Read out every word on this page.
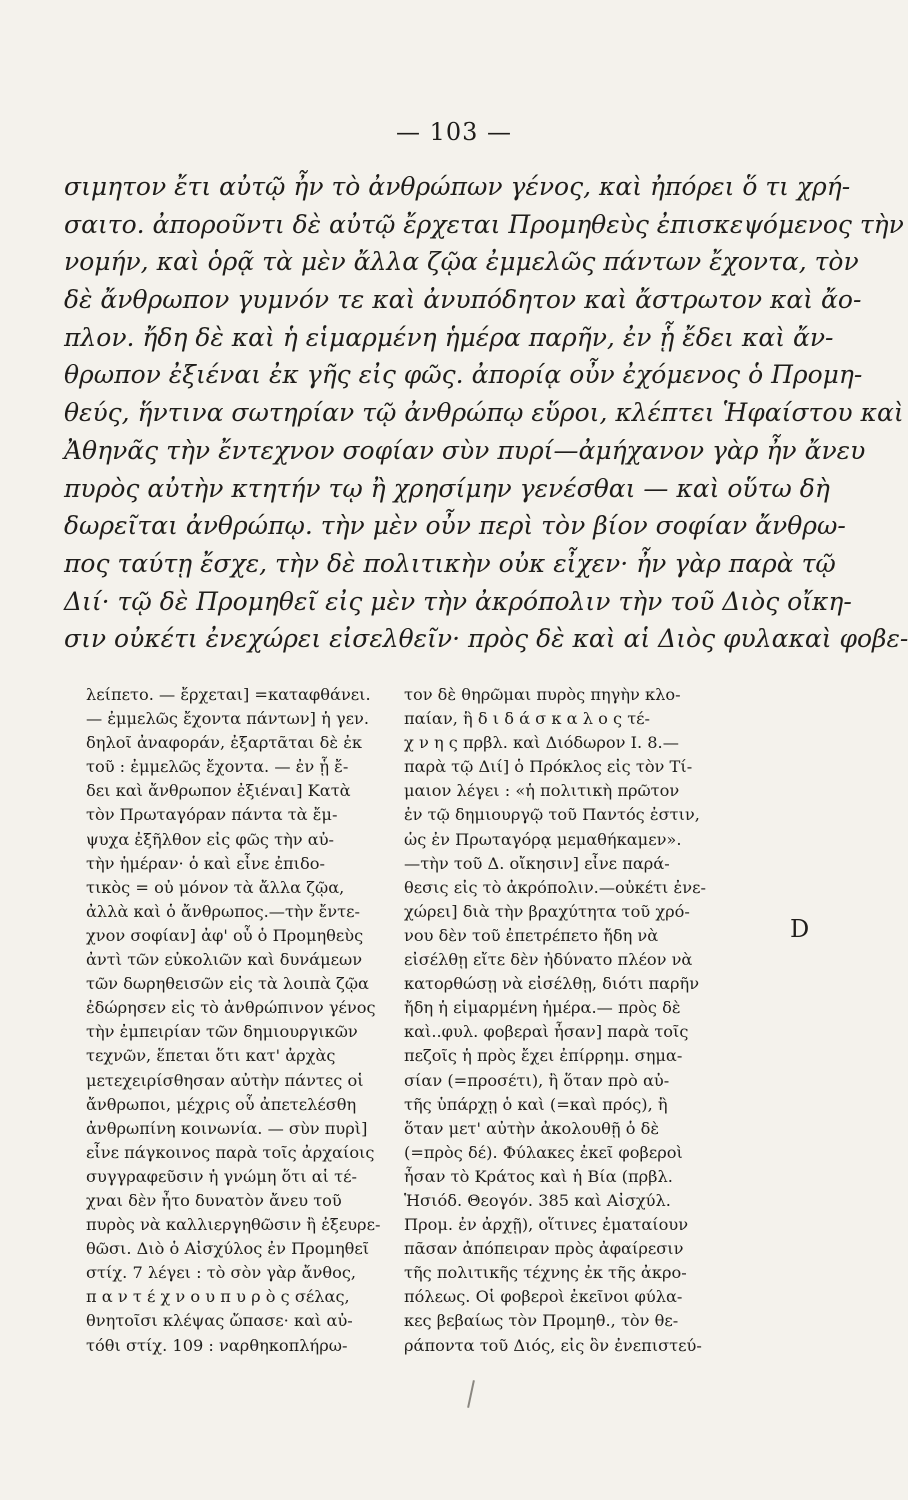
— 103 —
σιμητον ἔτι αὐτῷ ἦν τὸ ἀνθρώπων γένος, καὶ ἠπόρει ὅ τι χρή-
σαιτο. ἀποροῦντι δὲ αὐτῷ ἔρχεται Προμηθεὺς ἐπισκεψόμενος τὴν
νομήν, καὶ ὁρᾷ τὰ μὲν ἄλλα ζῷα ἐμμελῶς πάντων ἔχοντα, τὸν
δὲ ἄνθρωπον γυμνόν τε καὶ ἀνυπόδητον καὶ ἄστρωτον καὶ ἄο-
πλον. ἤδη δὲ καὶ ἡ εἱμαρμένη ἡμέρα παρῆν, ἐν ᾗ ἔδει καὶ ἄν-
θρωπον ἐξιέναι ἐκ γῆς εἰς φῶς. ἀπορίᾳ οὖν ἐχόμενος ὁ Προμη-
θεύς, ἥντινα σωτηρίαν τῷ ἀνθρώπῳ εὕροι, κλέπτει Ἡφαίστου καὶ
Ἀθηνᾶς τὴν ἔντεχνον σοφίαν σὺν πυρί—ἀμήχανον γὰρ ἦν ἄνευ
πυρὸς αὐτὴν κτητήν τῳ ἢ χρησίμην γενέσθαι — καὶ οὕτω δὴ
δωρεῖται ἀνθρώπῳ. τὴν μὲν οὖν περὶ τὸν βίον σοφίαν ἄνθρω-
πος ταύτῃ ἔσχε, τὴν δὲ πολιτικὴν οὐκ εἶχεν· ἦν γὰρ παρὰ τῷ
Διί· τῷ δὲ Προμηθεῖ εἰς μὲν τὴν ἀκρόπολιν τὴν τοῦ Διὸς οἴκη-
σιν οὐκέτι ἐνεχώρει εἰσελθεῖν· πρὸς δὲ καὶ αἱ Διὸς φυλακαὶ φοβε-
D
λείπετο. — ἔρχεται] =καταφθάνει.
— ἐμμελῶς ἔχοντα πάντων] ἡ γεν.
δηλοῖ ἀναφοράν, ἐξαρτᾶται δὲ ἐκ
τοῦ : ἐμμελῶς ἔχοντα. — ἐν ᾗ ἔ-
δει καὶ ἄνθρωπον ἐξιέναι] Κατὰ
τὸν Πρωταγόραν πάντα τὰ ἔμ-
ψυχα ἐξῆλθον εἰς φῶς τὴν αὐ-
τὴν ἡμέραν· ὁ καὶ εἶνε ἐπιδο-
τικὸς = οὐ μόνον τὰ ἄλλα ζῷα,
ἀλλὰ καὶ ὁ ἄνθρωπος.—τὴν ἔντε-
χνον σοφίαν] ἀφ' οὗ ὁ Προμηθεὺς
ἀντὶ τῶν εὐκολιῶν καὶ δυνάμεων
τῶν δωρηθεισῶν εἰς τὰ λοιπὰ ζῷα
ἐδώρησεν εἰς τὸ ἀνθρώπινον γένος
τὴν ἐμπειρίαν τῶν δημιουργικῶν
τεχνῶν, ἕπεται ὅτι κατ' ἀρχὰς
μετεχειρίσθησαν αὐτὴν πάντες οἱ
ἄνθρωποι, μέχρις οὗ ἀπετελέσθη
ἀνθρωπίνη κοινωνία. — σὺν πυρὶ]
εἶνε πάγκοινος παρὰ τοῖς ἀρχαίοις
συγγραφεῦσιν ἡ γνώμη ὅτι αἱ τέ-
χναι δὲν ἦτο δυνατὸν ἄνευ τοῦ
πυρὸς νὰ καλλιεργηθῶσιν ἢ ἐξευρε-
θῶσι. Διὸ ὁ Αἰσχύλος ἐν Προμηθεῖ
στίχ. 7 λέγει : τὸ σὸν γὰρ ἄνθος,
π α ν τ έ χ ν ο υ π υ ρ ὸ ς σέλας,
θνητοῖσι κλέψας ὤπασε· καὶ αὐ-
τόθι στίχ. 109 : ναρθηκοπλήρω-
τον δὲ θηρῶμαι πυρὸς πηγὴν κλο-
παίαν, ἣ δ ι δ ά σ κ α λ ο ς τέ-
χ ν η ς πρβλ. καὶ Διόδωρον Ι. 8.—
παρὰ τῷ Διί] ὁ Πρόκλος εἰς τὸν Τί-
μαιον λέγει : «ἡ πολιτικὴ πρῶτον
ἐν τῷ δημιουργῷ τοῦ Παντός ἐστιν,
ὡς ἐν Πρωταγόρᾳ μεμαθήκαμεν».
—τὴν τοῦ Δ. οἴκησιν] εἶνε παρά-
θεσις εἰς τὸ ἀκρόπολιν.—οὐκέτι ἐνε-
χώρει] διὰ τὴν βραχύτητα τοῦ χρό-
νου δὲν τοῦ ἐπετρέπετο ἤδη νὰ
εἰσέλθῃ εἴτε δὲν ἠδύνατο πλέον νὰ
κατορθώσῃ νὰ εἰσέλθῃ, διότι παρῆν
ἤδη ἡ εἱμαρμένη ἡμέρα.— πρὸς δὲ
καὶ..φυλ. φοβεραὶ ἦσαν] παρὰ τοῖς
πεζοῖς ἡ πρὸς ἔχει ἐπίρρημ. σημα-
σίαν (=προσέτι), ἢ ὅταν πρὸ αὐ-
τῆς ὑπάρχῃ ὁ καὶ (=καὶ πρός), ἢ
ὅταν μετ' αὐτὴν ἀκολουθῇ ὁ δὲ
(=πρὸς δέ). Φύλακες ἐκεῖ φοβεροὶ
ἦσαν τὸ Κράτος καὶ ἡ Βία (πρβλ.
Ἡσιόδ. Θεογόν. 385 καὶ Αἰσχύλ.
Προμ. ἐν ἀρχῇ), οἵτινες ἐματαίουν
πᾶσαν ἀπόπειραν πρὸς ἀφαίρεσιν
τῆς πολιτικῆς τέχνης ἐκ τῆς ἀκρο-
πόλεως. Οἱ φοβεροὶ ἐκεῖνοι φύλα-
κες βεβαίως τὸν Προμηθ., τὸν θε-
ράποντα τοῦ Διός, εἰς ὃν ἐνεπιστεύ-
